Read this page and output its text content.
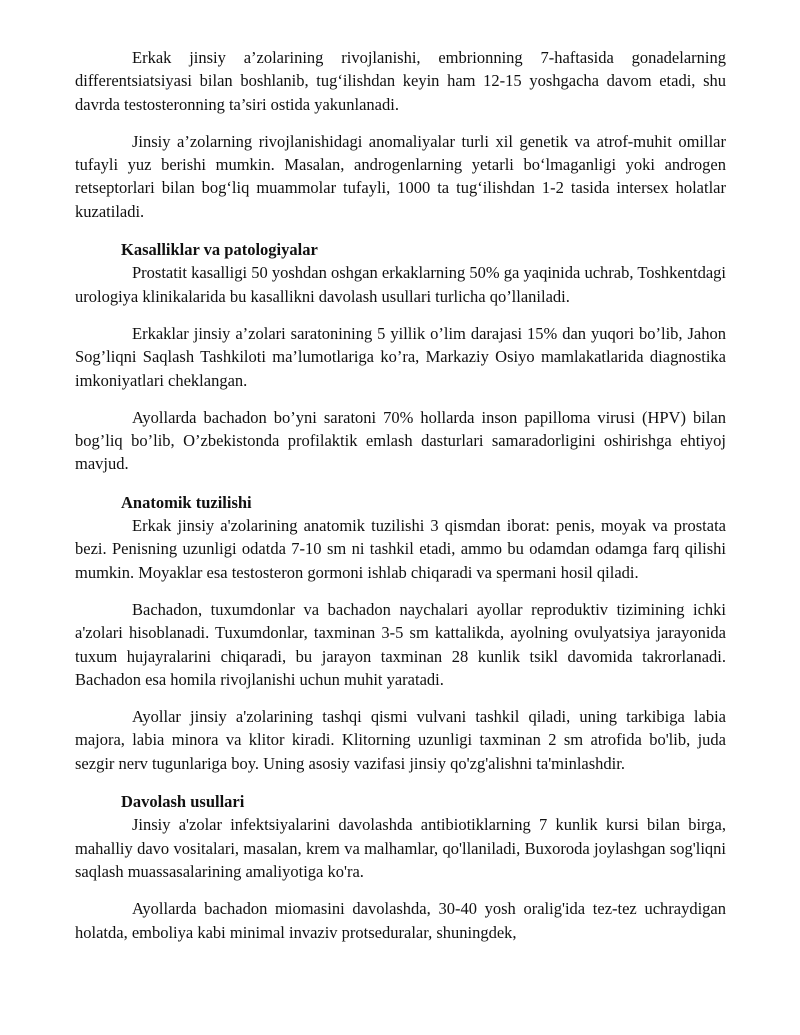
Erkak jinsiy a’zolarining rivojlanishi, embrionning 7-haftasida gonadelarning differentsiatsiyasi bilan boshlanib, tug‘ilishdan keyin ham 12-15 yoshgacha davom etadi, shu davrda testosteronning ta’siri ostida yakunlanadi.

Jinsiy a’zolarning rivojlanishidagi anomaliyalar turli xil genetik va atrof-muhit omillar tufayli yuz berishi mumkin. Masalan, androgenlarning yetarli bo‘lmaganligi yoki androgen retseptorlari bilan bog‘liq muammolar tufayli, 1000 ta tug‘ilishdan 1-2 tasida intersex holatlar kuzatiladi.

Kasalliklar va patologiyalar

Prostatit kasalligi 50 yoshdan oshgan erkaklarning 50% ga yaqinida uchrab, Toshkentdagi urologiya klinikalarida bu kasallikni davolash usullari turlicha qo’llaniladi.

Erkaklar jinsiy a’zolari saratonining 5 yillik o’lim darajasi 15% dan yuqori bo’lib, Jahon Sog’liqni Saqlash Tashkiloti ma’lumotlariga ko’ra, Markaziy Osiyo mamlakatlarida diagnostika imkoniyatlari cheklangan.

Ayollarda bachadon bo’yni saratoni 70% hollarda inson papilloma virusi (HPV) bilan bog’liq bo’lib, O’zbekistonda profilaktik emlash dasturlari samaradorligini oshirishga ehtiyoj mavjud.

Anatomik tuzilishi

Erkak jinsiy a'zolarining anatomik tuzilishi 3 qismdan iborat: penis, moyak va prostata bezi. Penisning uzunligi odatda 7-10 sm ni tashkil etadi, ammo bu odamdan odamga farq qilishi mumkin. Moyaklar esa testosteron gormoni ishlab chiqaradi va spermani hosil qiladi.

Bachadon, tuxumdonlar va bachadon naychalari ayollar reproduktiv tizimining ichki a'zolari hisoblanadi. Tuxumdonlar, taxminan 3-5 sm kattalikda, ayolning ovulyatsiya jarayonida tuxum hujayralarini chiqaradi, bu jarayon taxminan 28 kunlik tsikl davomida takrorlanadi. Bachadon esa homila rivojlanishi uchun muhit yaratadi.

Ayollar jinsiy a'zolarining tashqi qismi vulvani tashkil qiladi, uning tarkibiga labia majora, labia minora va klitor kiradi. Klitorning uzunligi taxminan 2 sm atrofida bo'lib, juda sezgir nerv tugunlariga boy. Uning asosiy vazifasi jinsiy qo'zg'alishni ta'minlashdir.

Davolash usullari

Jinsiy a'zolar infektsiyalarini davolashda antibiotiklarning 7 kunlik kursi bilan birga, mahalliy davo vositalari, masalan, krem va malhamlar, qo'llaniladi, Buxoroda joylashgan sog'liqni saqlash muassasalarining amaliyotiga ko'ra.

Ayollarda bachadon miomasini davolashda, 30-40 yosh oralig'ida tez-tez uchraydigan holatda, emboliya kabi minimal invaziv protseduralar, shuningdek,
